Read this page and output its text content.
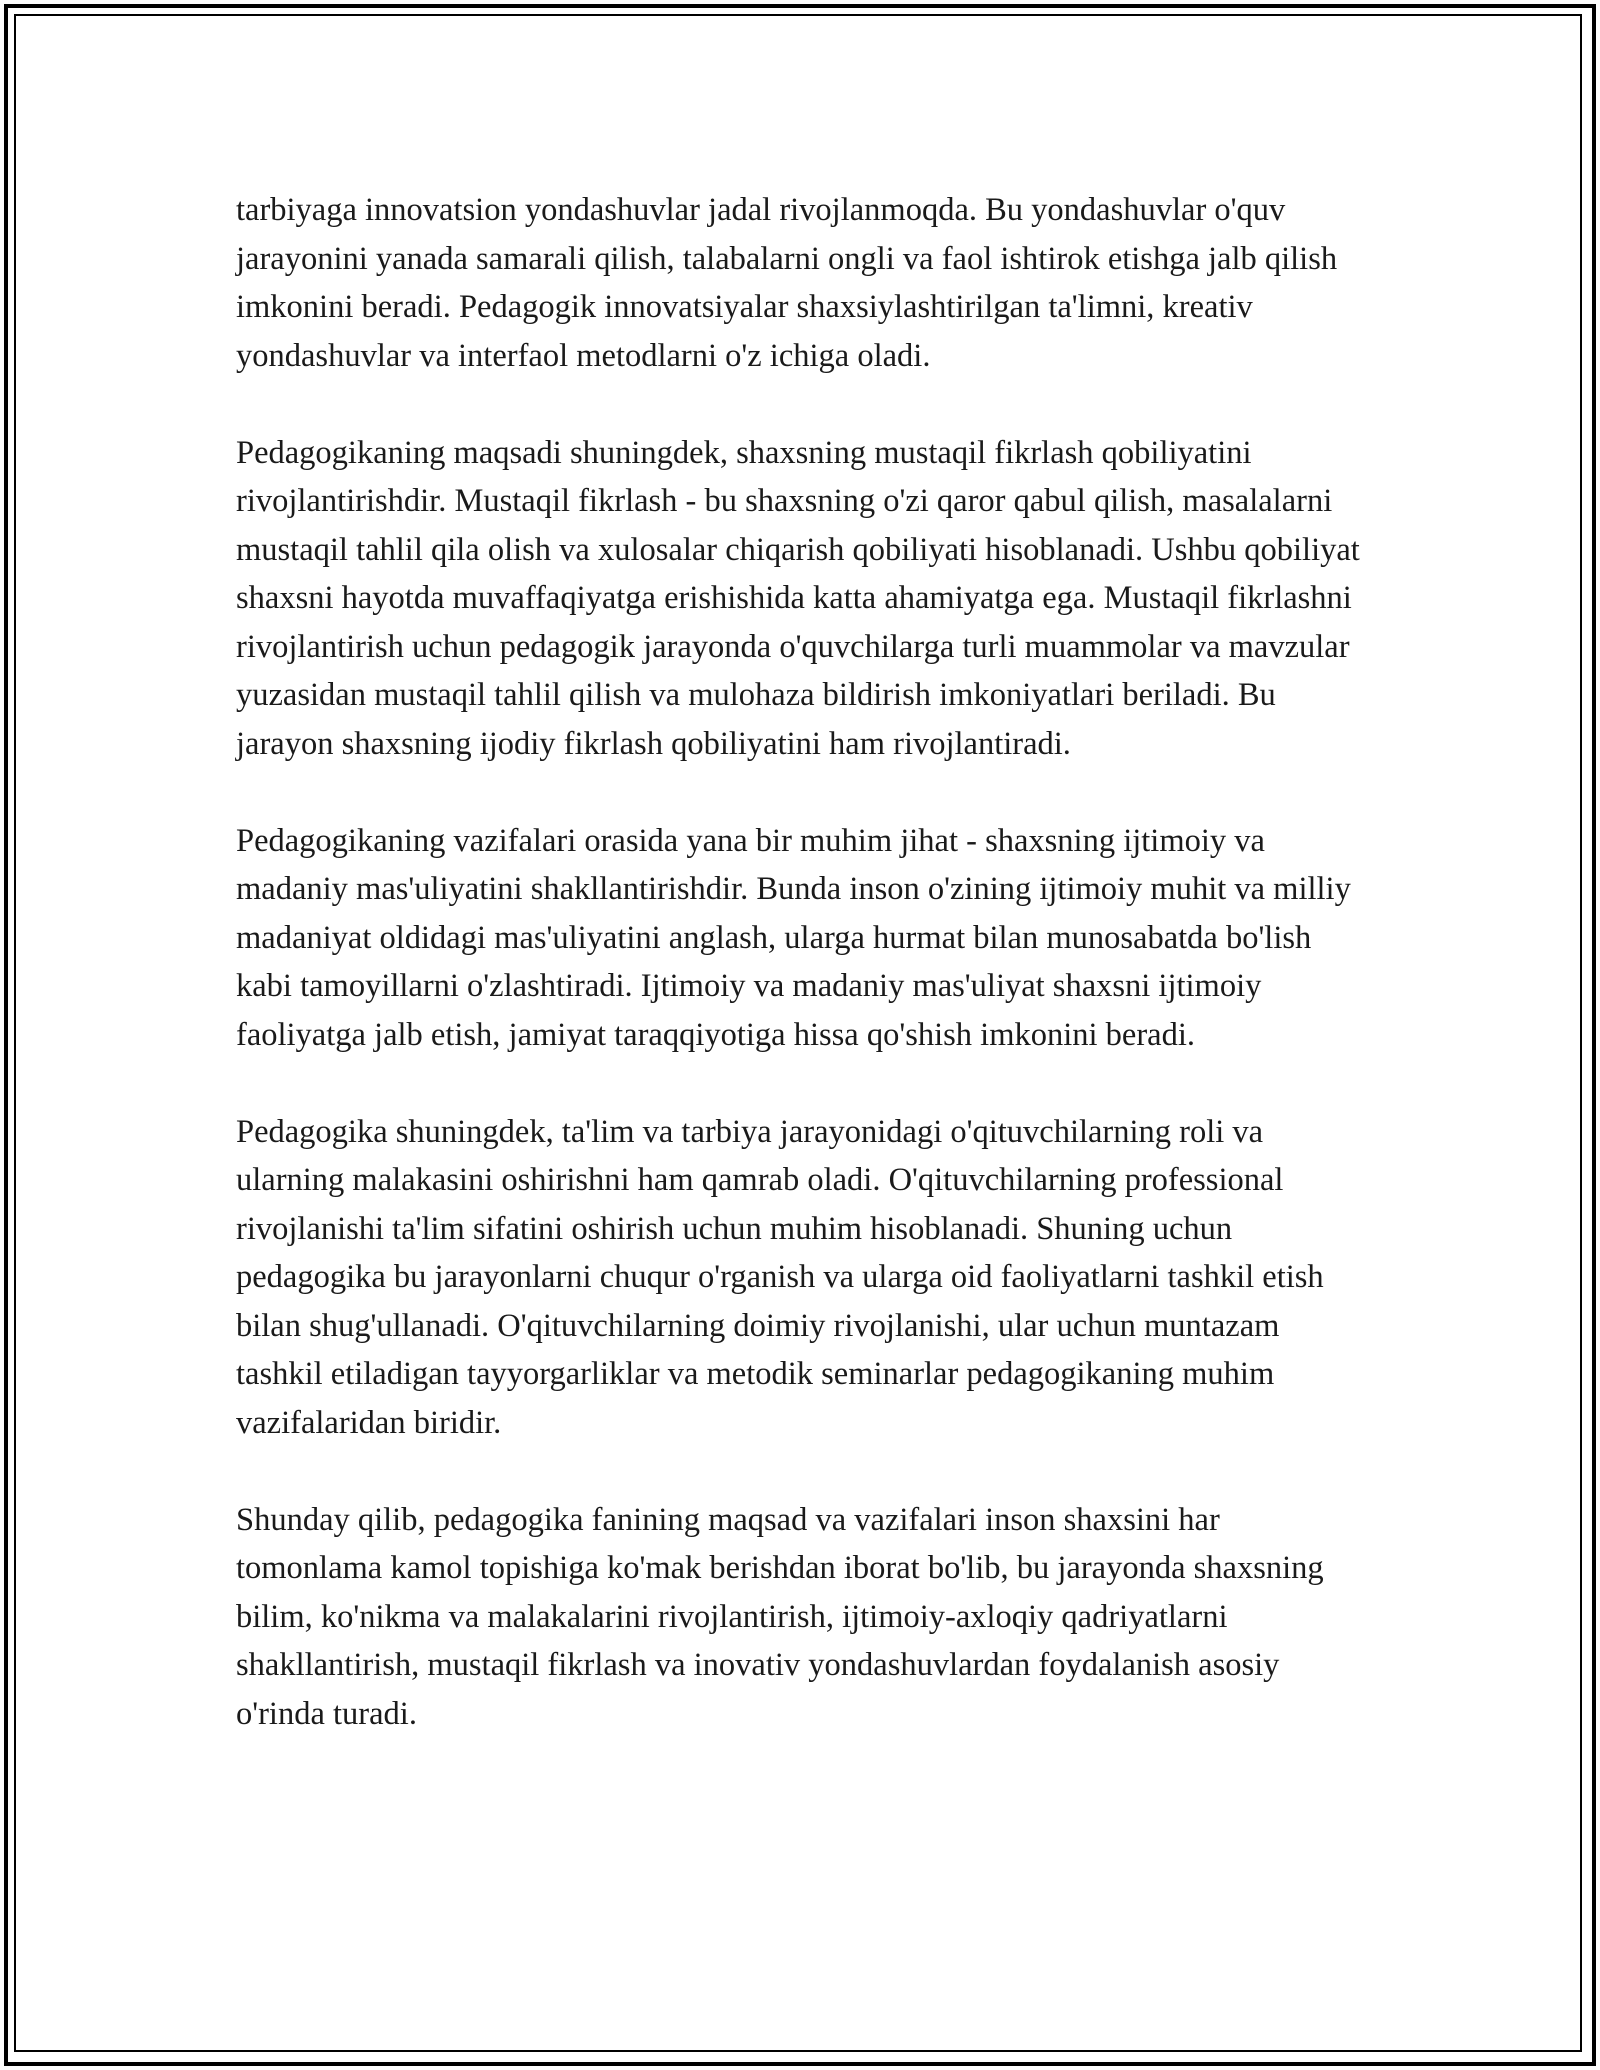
tarbiyaga innovatsion yondashuvlar jadal rivojlanmoqda. Bu yondashuvlar o'quv jarayonini yanada samarali qilish, talabalarni ongli va faol ishtirok etishga jalb qilish imkonini beradi. Pedagogik innovatsiyalar shaxsiylashtirilgan ta'limni, kreativ yondashuvlar va interfaol metodlarni o'z ichiga oladi.

Pedagogikaning maqsadi shuningdek, shaxsning mustaqil fikrlash qobiliyatini rivojlantirishdir. Mustaqil fikrlash - bu shaxsning o'zi qaror qabul qilish, masalalarni mustaqil tahlil qila olish va xulosalar chiqarish qobiliyati hisoblanadi. Ushbu qobiliyat shaxsni hayotda muvaffaqiyatga erishishida katta ahamiyatga ega. Mustaqil fikrlashni rivojlantirish uchun pedagogik jarayonda o'quvchilarga turli muammolar va mavzular yuzasidan mustaqil tahlil qilish va mulohaza bildirish imkoniyatlari beriladi. Bu jarayon shaxsning ijodiy fikrlash qobiliyatini ham rivojlantiradi.

Pedagogikaning vazifalari orasida yana bir muhim jihat - shaxsning ijtimoiy va madaniy mas'uliyatini shakllantirishdir. Bunda inson o'zining ijtimoiy muhit va milliy madaniyat oldidagi mas'uliyatini anglash, ularga hurmat bilan munosabatda bo'lish kabi tamoyillarni o'zlashtiradi. Ijtimoiy va madaniy mas'uliyat shaxsni ijtimoiy faoliyatga jalb etish, jamiyat taraqqiyotiga hissa qo'shish imkonini beradi.

Pedagogika shuningdek, ta'lim va tarbiya jarayonidagi o'qituvchilarning roli va ularning malakasini oshirishni ham qamrab oladi. O'qituvchilarning professional rivojlanishi ta'lim sifatini oshirish uchun muhim hisoblanadi. Shuning uchun pedagogika bu jarayonlarni chuqur o'rganish va ularga oid faoliyatlarni tashkil etish bilan shug'ullanadi. O'qituvchilarning doimiy rivojlanishi, ular uchun muntazam tashkil etiladigan tayyorgarliklar va metodik seminarlar pedagogikaning muhim vazifalaridan biridir.

Shunday qilib, pedagogika fanining maqsad va vazifalari inson shaxsini har tomonlama kamol topishiga ko'mak berishdan iborat bo'lib, bu jarayonda shaxsning bilim, ko'nikma va malakalarini rivojlantirish, ijtimoiy-axloqiy qadriyatlarni shakllantirish, mustaqil fikrlash va inovativ yondashuvlardan foydalanish asosiy o'rinda turadi.
